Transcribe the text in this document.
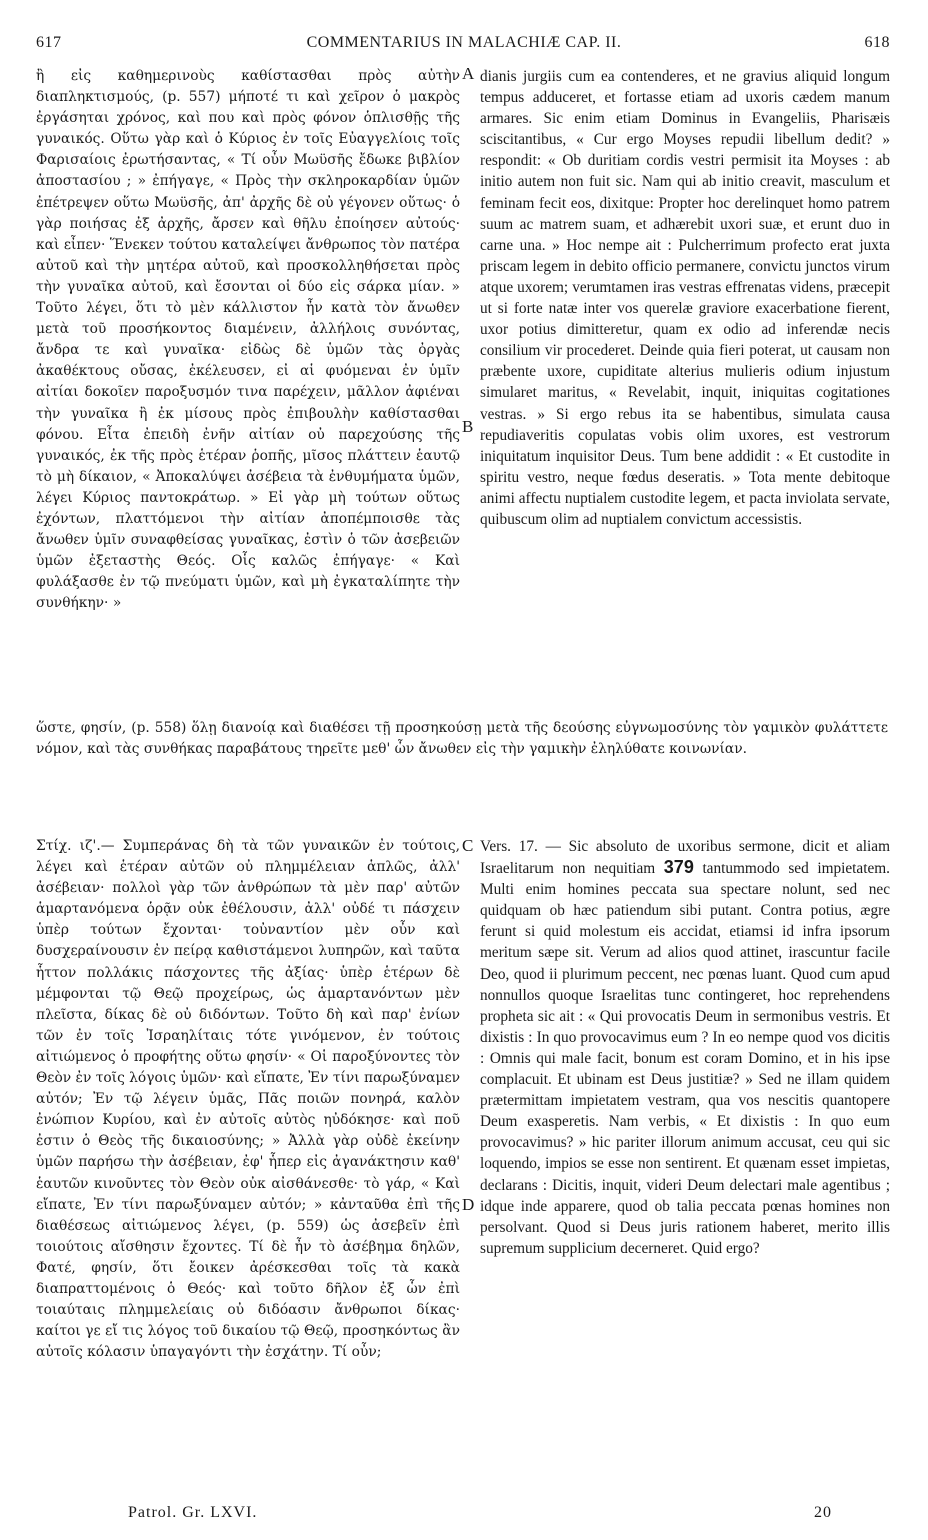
617	COMMENTARIUS IN MALACHIÆ CAP. II.	618
ἢ εἰς καθημερινοὺς καθίστασθαι πρὸς αὐτὴν διαπληκτισμούς, (p. 557) μήποτέ τι καὶ χεῖρον ὁ μακρὸς ἐργάσηται χρόνος, καὶ που καὶ πρὸς φόνον ὁπλισθῇς τῆς γυναικός. Οὕτω γὰρ καὶ ὁ Κύριος ἐν τοῖς Εὐαγγελίοις τοῖς Φαρισαίοις ἐρωτήσαντας, « Τί οὖν Μωϋσῆς ἔδωκε βιβλίον ἀποστασίου ; » ἐπήγαγε, « Πρὸς τὴν σκληροκαρδίαν ὑμῶν ἐπέτρεψεν οὕτω Μωϋσῆς, ἀπ' ἀρχῆς δὲ οὐ γέγονεν οὕτως· ὁ γὰρ ποιήσας ἐξ ἀρχῆς, ἄρσεν καὶ θῆλυ ἐποίησεν αὐτούς· καὶ εἶπεν· Ἕνεκεν τούτου καταλείψει ἄνθρωπος τὸν πατέρα αὐτοῦ καὶ τὴν μητέρα αὐτοῦ, καὶ προσκολληθήσεται πρὸς τὴν γυναῖκα αὐτοῦ, καὶ ἔσονται οἱ δύο εἰς σάρκα μίαν. » Τοῦτο λέγει, ὅτι τὸ μὲν κάλλιστον ἦν κατὰ τὸν ἄνωθεν μετὰ τοῦ προσήκοντος διαμένειν, ἀλλήλοις συνόντας, ἄνδρα τε καὶ γυναῖκα· εἰδὼς δὲ ὑμῶν τὰς ὀργὰς ἀκαθέκτους οὔσας, ἐκέλευσεν, εἰ αἱ φυόμεναι ἐν ὑμῖν αἰτίαι δοκοῖεν παροξυσμόν τινα παρέχειν, μᾶλλον ἀφιέναι τὴν γυναῖκα ἢ ἐκ μίσους πρὸς ἐπιβουλὴν καθίστασθαι φόνου. Εἶτα ἐπειδὴ ἐνῆν αἰτίαν οὐ παρεχούσης τῆς γυναικός, ἐκ τῆς πρὸς ἑτέραν ῥοπῆς, μῖσος πλάττειν ἑαυτῷ τὸ μὴ δίκαιον, « Ἀποκαλύψει ἀσέβεια τὰ ἐνθυμήματα ὑμῶν, λέγει Κύριος παντοκράτωρ. » Εἰ γὰρ μὴ τούτων οὕτως ἐχόντων, πλαττόμενοι τὴν αἰτίαν ἀποπέμποισθε τὰς ἄνωθεν ὑμῖν συναφθείσας γυναῖκας, ἐστὶν ὁ τῶν ἀσεβειῶν ὑμῶν ἐξεταστὴς Θεός. Οἷς καλῶς ἐπήγαγε· « Καὶ φυλάξασθε ἐν τῷ πνεύματι ὑμῶν, καὶ μὴ ἐγκαταλίπητε τὴν συνθήκην· »
dianis jurgiis cum ea contenderes, et ne gravius aliquid longum tempus adduceret, et fortasse etiam ad uxoris cædem manum armares. Sic enim etiam Dominus in Evangeliis, Pharisæis sciscitantibus, « Cur ergo Moyses repudii libellum dedit? » respondit: « Ob duritiam cordis vestri permisit ita Moyses : ab initio autem non fuit sic. Nam qui ab initio creavit, masculum et feminam fecit eos, dixitque: Propter hoc derelinquet homo patrem suum ac matrem suam, et adhærebit uxori suæ, et erunt duo in carne una. » Hoc nempe ait : Pulcherrimum profecto erat juxta priscam legem in debito officio permanere, convictu junctos virum atque uxorem; verumtamen iras vestras effrenatas videns, præcepit ut si forte natæ inter vos querelæ graviore exacerbatione fierent, uxor potius dimitteretur, quam ex odio ad inferendæ necis consilium vir procederet. Deinde quia fieri poterat, ut causam non præbente uxore, cupiditate alterius mulieris odium injustum simularet maritus, « Revelabit, inquit, iniquitas cogitationes vestras. » Si ergo rebus ita se habentibus, simulata causa repudiaveritis copulatas vobis olim uxores, est vestrorum iniquitatum inquisitor Deus. Tum bene addidit : « Et custodite in spiritu vestro, neque fœdus deseratis. » Tota mente debitoque animi affectu nuptialem custodite legem, et pacta inviolata servate, quibuscum olim ad nuptialem convictum accessistis.
A
B
C
D
ὥστε, φησίν, (p. 558) ὅλῃ διανοίᾳ καὶ διαθέσει τῇ προσηκούσῃ μετὰ τῆς δεούσης εὐγνωμοσύνης τὸν γαμικὸν φυλάττετε νόμον, καὶ τὰς συνθήκας παραβάτους τηρεῖτε μεθ' ὧν ἄνωθεν εἰς τὴν γαμικὴν ἐληλύθατε κοινωνίαν.
Στίχ. ιζ'.— Συμπεράνας δὴ τὰ τῶν γυναικῶν ἐν τούτοις, λέγει καὶ ἑτέραν αὐτῶν οὐ πλημμέλειαν ἁπλῶς, ἀλλ' ἀσέβειαν· πολλοὶ γὰρ τῶν ἀνθρώπων τὰ μὲν παρ' αὐτῶν ἁμαρτανόμενα ὁρᾷν οὐκ ἐθέλουσιν, ἀλλ' οὐδέ τι πάσχειν ὑπὲρ τούτων ἔχονται· τοὐναντίον μὲν οὖν καὶ δυσχεραίνουσιν ἐν πείρᾳ καθιστάμενοι λυπηρῶν, καὶ ταῦτα ἧττον πολλάκις πάσχοντες τῆς ἀξίας· ὑπὲρ ἑτέρων δὲ μέμφονται τῷ Θεῷ προχείρως, ὡς ἁμαρτανόντων μὲν πλεῖστα, δίκας δὲ οὐ διδόντων. Τοῦτο δὴ καὶ παρ' ἐνίων τῶν ἐν τοῖς Ἰσραηλίταις τότε γινόμενον, ἐν τούτοις αἰτιώμενος ὁ προφήτης οὕτω φησίν· « Οἱ παροξύνοντες τὸν Θεὸν ἐν τοῖς λόγοις ὑμῶν· καὶ εἴπατε, Ἐν τίνι παρωξύναμεν αὐτόν; Ἐν τῷ λέγειν ὑμᾶς, Πᾶς ποιῶν πονηρά, καλὸν ἐνώπιον Κυρίου, καὶ ἐν αὐτοῖς αὐτὸς ηὐδόκησε· καὶ ποῦ ἐστιν ὁ Θεὸς τῆς δικαιοσύνης; » Ἀλλὰ γὰρ οὐδὲ ἐκείνην ὑμῶν παρήσω τὴν ἀσέβειαν, ἐφ' ἧπερ εἰς ἀγανάκτησιν καθ' ἑαυτῶν κινοῦντες τὸν Θεὸν οὐκ αἰσθάνεσθε· τὸ γάρ, « Καὶ εἴπατε, Ἐν τίνι παρωξύναμεν αὐτόν; » κἀνταῦθα ἐπὶ τῆς διαθέσεως αἰτιώμενος λέγει, (p. 559) ὡς ἀσεβεῖν ἐπὶ τοιούτοις αἴσθησιν ἔχοντες. Τί δὲ ἦν τὸ ἀσέβημα δηλῶν, Φατέ, φησίν, ὅτι ἔοικεν ἀρέσκεσθαι τοῖς τὰ κακὰ διαπραττομένοις ὁ Θεός· καὶ τοῦτο δῆλον ἐξ ὧν ἐπὶ τοιαύταις πλημμελείαις οὐ διδόασιν ἄνθρωποι δίκας· καίτοι γε εἴ τις λόγος τοῦ δικαίου τῷ Θεῷ, προσηκόντως ἂν αὐτοῖς κόλασιν ὑπαγαγόντι τὴν ἐσχάτην. Τί οὖν;
Vers. 17. — Sic absoluto de uxoribus sermone, dicit et aliam Israelitarum non nequitiam 379 tantummodo sed impietatem. Multi enim homines peccata sua spectare nolunt, sed nec quidquam ob hæc patiendum sibi putant. Contra potius, ægre ferunt si quid molestum eis accidat, etiamsi id infra ipsorum meritum sæpe sit. Verum ad alios quod attinet, irascuntur facile Deo, quod ii plurimum peccent, nec pœnas luant. Quod cum apud nonnullos quoque Israelitas tunc contingeret, hoc reprehendens propheta sic ait : « Qui provocatis Deum in sermonibus vestris. Et dixistis : In quo provocavimus eum ? In eo nempe quod vos dicitis : Omnis qui male facit, bonum est coram Domino, et in his ipse complacuit. Et ubinam est Deus justitiæ? » Sed ne illam quidem prætermittam impietatem vestram, qua vos nescitis quantopere Deum exasperetis. Nam verbis, « Et dixistis : In quo eum provocavimus? » hic pariter illorum animum accusat, ceu qui sic loquendo, impios se esse non sentirent. Et quænam esset impietas, declarans : Dicitis, inquit, videri Deum delectari male agentibus ; idque inde apparere, quod ob talia peccata pœnas homines non persolvant. Quod si Deus juris rationem haberet, merito illis supremum supplicium decerneret. Quid ergo?
Patrol. Gr. LXVI.	20
